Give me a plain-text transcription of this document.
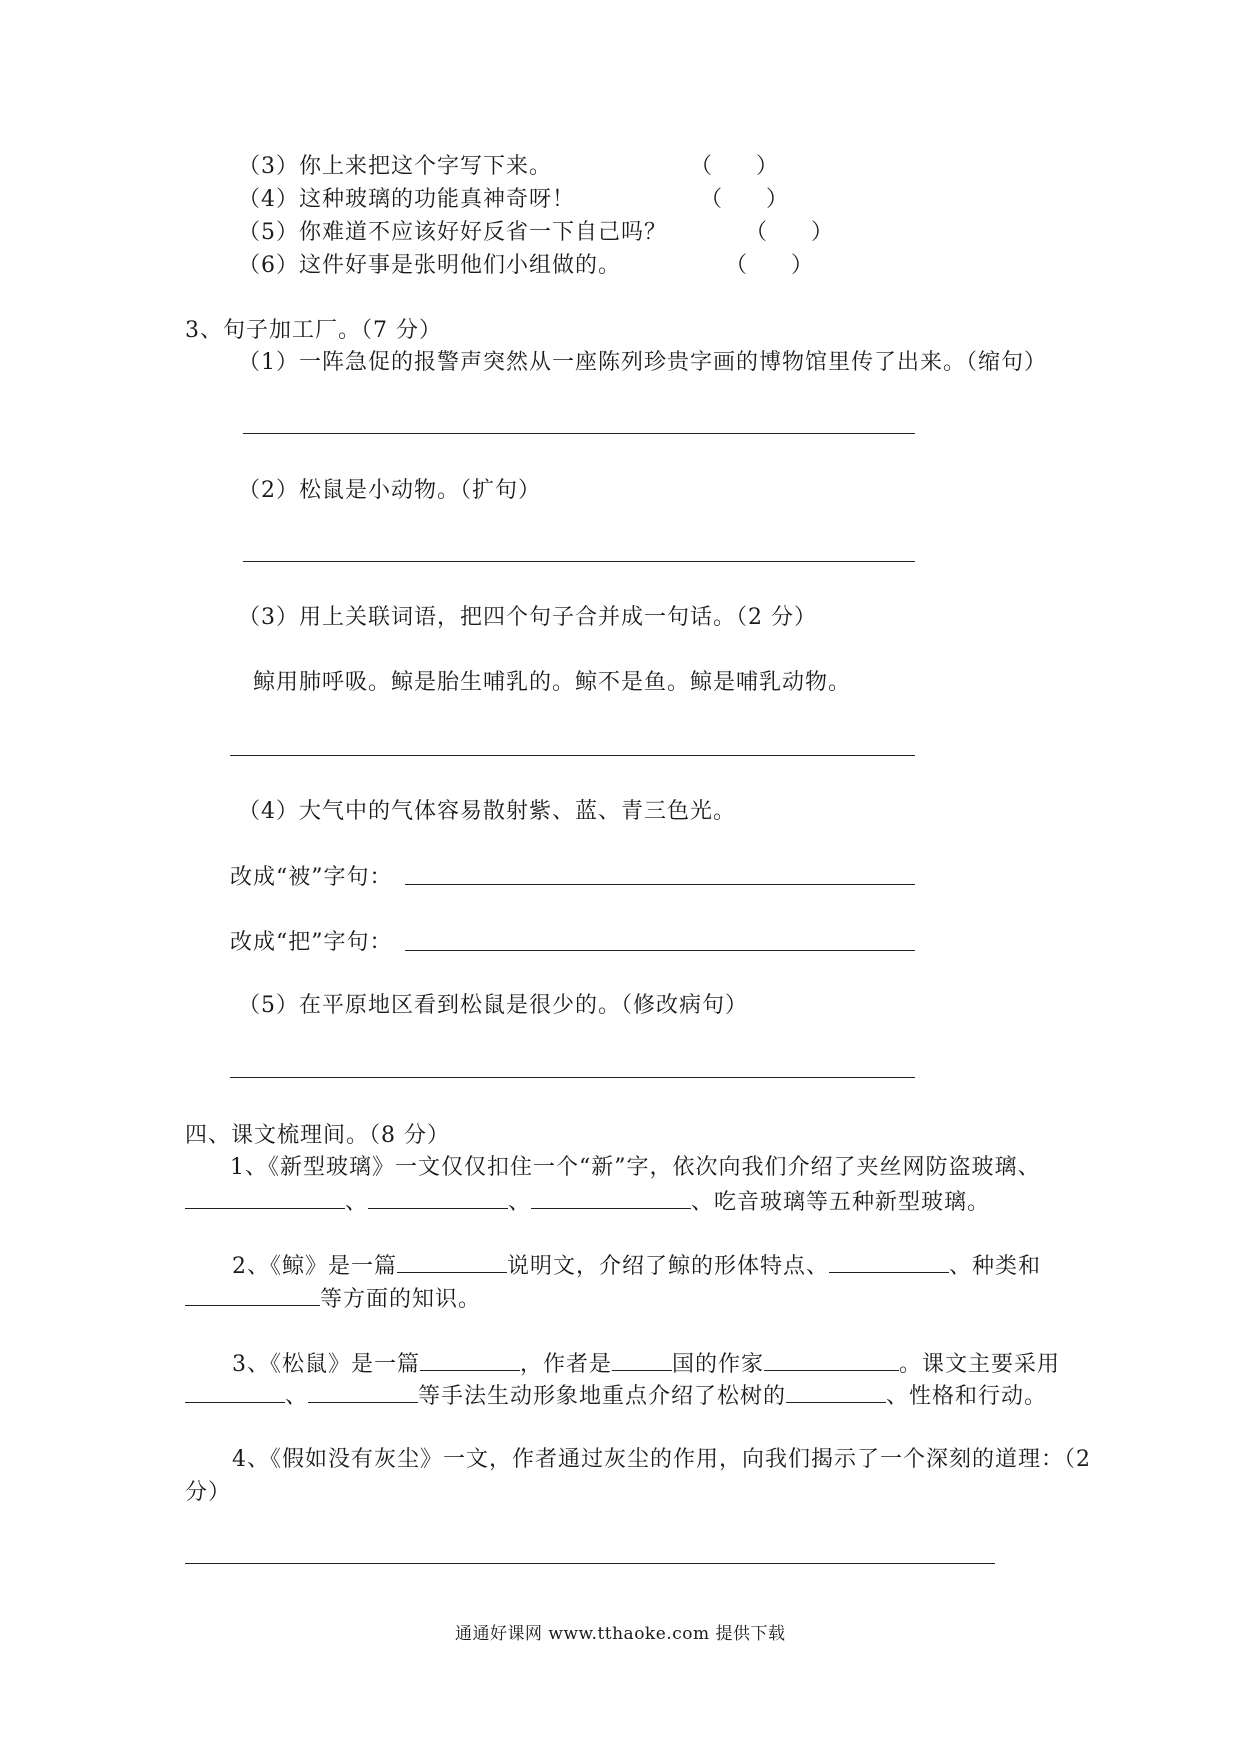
（3）你上来把这个字写下来。	（　　）
（4）这种玻璃的功能真神奇呀！	（　　）
（5）你难道不应该好好反省一下自己吗？	（　　）
（6）这件好事是张明他们小组做的。	（　　）
3、句子加工厂。（7 分）
（1）一阵急促的报警声突然从一座陈列珍贵字画的博物馆里传了出来。（缩句）
（2）松鼠是小动物。（扩句）
（3）用上关联词语，把四个句子合并成一句话。（2 分）
鲸用肺呼吸。鲸是胎生哺乳的。鲸不是鱼。鲸是哺乳动物。
（4）大气中的气体容易散射紫、蓝、青三色光。
改成“被”字句：
改成“把”字句：
（5）在平原地区看到松鼠是很少的。（修改病句）
四、课文梳理间。（8 分）
1、《新型玻璃》一文仅仅扣住一个“新”字，依次向我们介绍了夹丝网防盗玻璃、
、	、	、吃音玻璃等五种新型玻璃。
2、《鲸》是一篇	说明文，介绍了鲸的形体特点、	、种类和
等方面的知识。
3、《松鼠》是一篇	，作者是	国的作家	。课文主要采用
、	等手法生动形象地重点介绍了松树的	、性格和行动。
4、《假如没有灰尘》一文，作者通过灰尘的作用，向我们揭示了一个深刻的道理：（2
分）
通通好课网 www.tthaoke.com 提供下载
